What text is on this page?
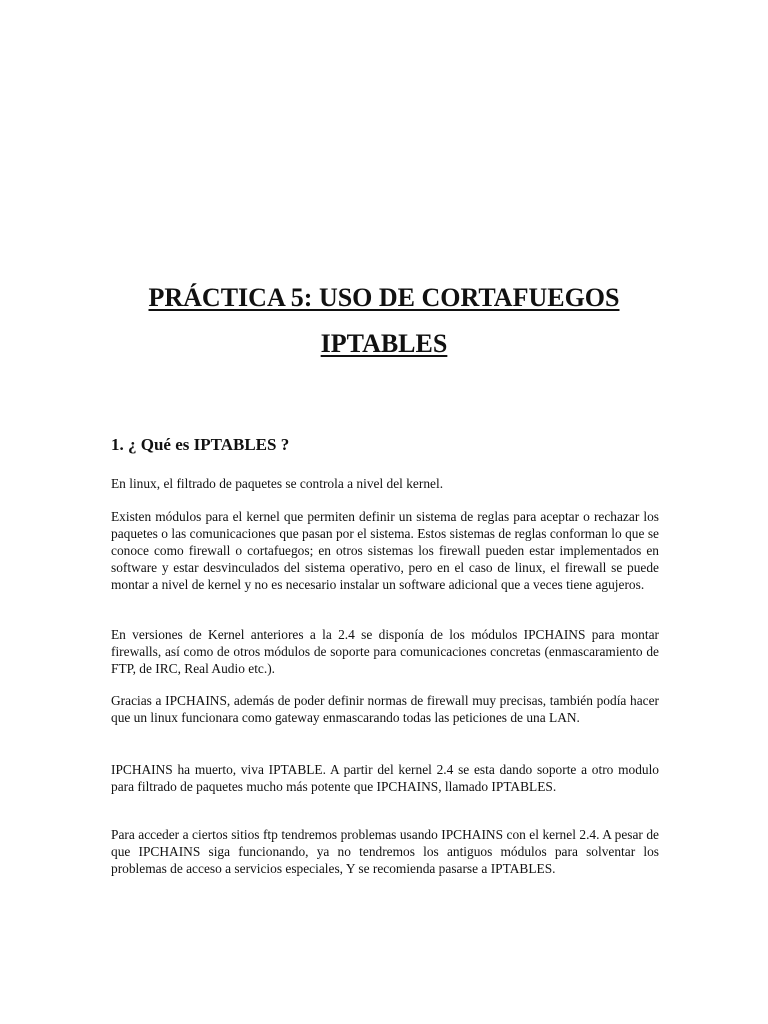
PRÁCTICA 5: USO DE CORTAFUEGOS
IPTABLES
1. ¿ Qué es IPTABLES ?

En linux, el filtrado de paquetes se controla a nivel del kernel.

Existen módulos para el kernel que permiten definir un sistema de reglas para aceptar o rechazar los paquetes o las comunicaciones que pasan por el sistema. Estos sistemas de reglas conforman lo que se conoce como firewall o cortafuegos; en otros sistemas los firewall pueden estar implementados en software y estar desvinculados del sistema operativo, pero en el caso de linux, el firewall se puede montar a nivel de kernel y no es necesario instalar un software adicional que a veces tiene agujeros.

En versiones de Kernel anteriores a la 2.4 se disponía de los módulos IPCHAINS para montar firewalls, así como de otros módulos de soporte para comunicaciones concretas (enmascaramiento de FTP, de IRC, Real Audio etc.).

Gracias a IPCHAINS, además de poder definir normas de firewall muy precisas, también podía hacer que un linux funcionara como gateway enmascarando todas las peticiones de una LAN.

IPCHAINS ha muerto, viva IPTABLE. A partir del kernel 2.4 se esta dando soporte a otro modulo para filtrado de paquetes mucho más potente que IPCHAINS, llamado IPTABLES.

Para acceder a ciertos sitios ftp tendremos problemas usando IPCHAINS con el kernel 2.4. A pesar de que IPCHAINS siga funcionando, ya no tendremos los antiguos módulos para solventar los problemas de acceso a servicios especiales, Y se recomienda pasarse a IPTABLES.
